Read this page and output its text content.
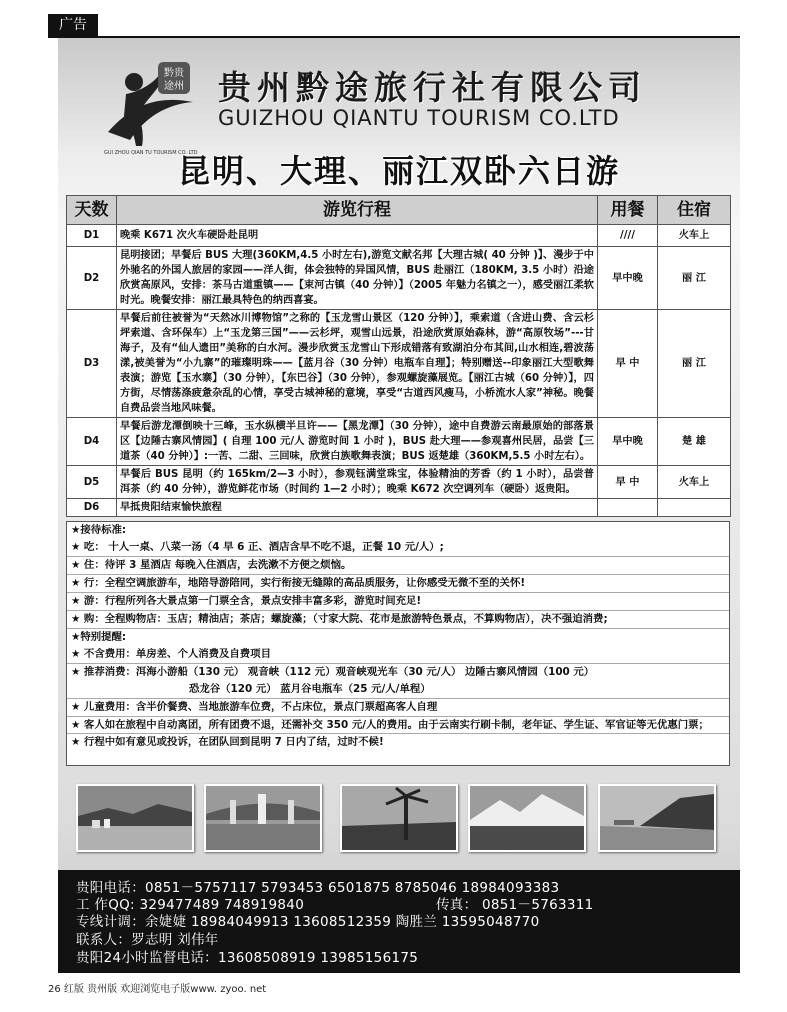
广告
黔贵
途州
GUI ZHOU QIAN TU TOURISM CO. LTD
贵州黔途旅行社有限公司
GUIZHOU QIANTU TOURISM CO.LTD
昆明、大理、丽江双卧六日游
天数	游览行程	用餐	住宿
D1	晚乘 K671 次火车硬卧赴昆明	////	火车上
D2	昆明接团；早餐后 BUS 大理(360KM,4.5 小时左右),游览文献名邦【大理古城( 40 分钟 )】、漫步于中外驰名的外国人旅居的家园——洋人街，体会独特的异国风情，BUS 赴丽江（180KM, 3.5 小时）沿途欣赏高原风，安排：茶马古道重镇——【束河古镇（40 分钟）】（2005 年魅力名镇之一），感受丽江柔软时光。晚餐安排：丽江最具特色的纳西喜宴。	早中晚	丽 江
D3	早餐后前往被誉为“天然冰川博物馆”之称的【玉龙雪山景区（120 分钟）】，乘索道（含进山费、含云杉坪索道、含环保车）上“玉龙第三国”——云杉坪，观雪山远景，沿途欣赏原始森林，游“高原牧场”---甘海子，及有“仙人遗田”美称的白水河。漫步欣赏玉龙雪山下形成错落有致湖泊分布其间,山水相连,碧波荡漾,被美誉为“小九寨”的璀璨明珠——【蓝月谷（30 分钟）电瓶车自理】；特别赠送--印象丽江大型歌舞表演；游览【玉水寨】（30 分钟），【东巴谷】（30 分钟），参观螺旋藻展览。【丽江古城（60 分钟）】，四方街，尽情荡涤疲惫杂乱的心情，享受古城神秘的意境，享受“古道西风瘦马，小桥流水人家”神秘。晚餐自费品尝当地风味餐。	早 中	丽 江
D4	早餐后游龙潭倒映十三峰，玉水纵横半旦许——【黑龙潭】（30 分钟），途中自费游云南最原始的部落景区【边陲古寨风情园】( 自理 100 元/人 游览时间 1 小时 )，BUS 赴大理——参观喜州民居，品尝【三道茶（40 分钟）】:一苦、二甜、三回味，欣赏白族歌舞表演；BUS 返楚雄（360KM,5.5 小时左右）。	早中晚	楚 雄
D5	早餐后 BUS 昆明（约 165km/2—3 小时），参观钰满堂珠宝，体验精油的芳香（约 1 小时），品尝普洱茶（约 40 分钟），游览鲜花市场（时间约 1—2 小时）；晚乘 K672 次空调列车（硬卧）返贵阳。	早 中	火车上
D6	早抵贵阳结束愉快旅程		
★接待标准:
★ 吃： 十人一桌、八菜一汤（4 早 6 正、酒店含早不吃不退，正餐 10 元/人）;
★ 住：待评 3 星酒店 每晚入住酒店，去洗漱不方便之烦恼。
★ 行：全程空调旅游车，地陪导游陪同，实行衔接无缝隙的高品质服务，让你感受无微不至的关怀!
★ 游：行程所列各大景点第一门票全含，景点安排丰富多彩，游览时间充足!
★ 购：全程购物店：玉店；精油店；茶店；螺旋藻；（寸家大院、花市是旅游特色景点，不算购物店），决不强迫消费;
★特别提醒:
★ 不含费用：单房差、个人消费及自费项目
★ 推荐消费：洱海小游船（130 元） 观音峡（112 元）观音峡观光车（30 元/人） 边陲古寨风情园（100 元）
恐龙谷（120 元） 蓝月谷电瓶车（25 元/人/单程）
★ 儿童费用：含半价餐费、当地旅游车位费，不占床位，景点门票超高客人自理
★ 客人如在旅程中自动离团，所有团费不退，还需补交 350 元/人的费用。由于云南实行刷卡制，老年证、学生证、军官证等无优惠门票；
★ 行程中如有意见或投诉，在团队回到昆明 7 日内了结，过时不候!
贵阳电话：0851－5757117 5793453 6501875 8785046 18984093383
工 作QQ: 329477489 748919840	传真： 0851－5763311
专线计调：余婕婕 18984049913 13608512359 陶胜兰 13595048770
联系人：罗志明 刘伟年
贵阳24小时监督电话：13608508919 13985156175
26 红版 贵州版 欢迎浏览电子版www. zyoo. net
